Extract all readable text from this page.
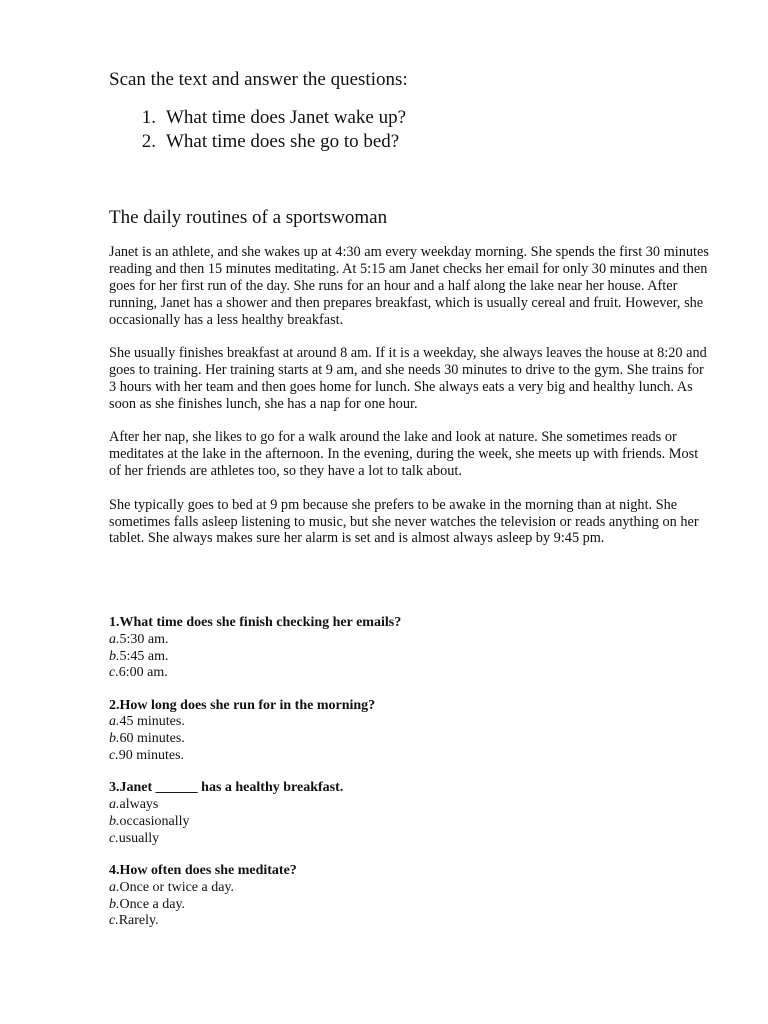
Scan the text and answer the questions:
1. What time does Janet wake up?
2. What time does she go to bed?
The daily routines of a sportswoman

Janet is an athlete, and she wakes up at 4:30 am every weekday morning. She spends the first 30 minutes reading and then 15 minutes meditating. At 5:15 am Janet checks her email for only 30 minutes and then goes for her first run of the day. She runs for an hour and a half along the lake near her house. After running, Janet has a shower and then prepares breakfast, which is usually cereal and fruit. However, she occasionally has a less healthy breakfast.

She usually finishes breakfast at around 8 am. If it is a weekday, she always leaves the house at 8:20 and goes to training. Her training starts at 9 am, and she needs 30 minutes to drive to the gym. She trains for 3 hours with her team and then goes home for lunch. She always eats a very big and healthy lunch. As soon as she finishes lunch, she has a nap for one hour.

After her nap, she likes to go for a walk around the lake and look at nature. She sometimes reads or meditates at the lake in the afternoon. In the evening, during the week, she meets up with friends. Most of her friends are athletes too, so they have a lot to talk about.

She typically goes to bed at 9 pm because she prefers to be awake in the morning than at night. She sometimes falls asleep listening to music, but she never watches the television or reads anything on her tablet. She always makes sure her alarm is set and is almost always asleep by 9:45 pm.

1.What time does she finish checking her emails?
a.5:30 am.
b.5:45 am.
c.6:00 am.
2.How long does she run for in the morning?
a.45 minutes.
b.60 minutes.
c.90 minutes.
3.Janet ______ has a healthy breakfast.
a.always
b.occasionally
c.usually
4.How often does she meditate?
a.Once or twice a day.
b.Once a day.
c.Rarely.
